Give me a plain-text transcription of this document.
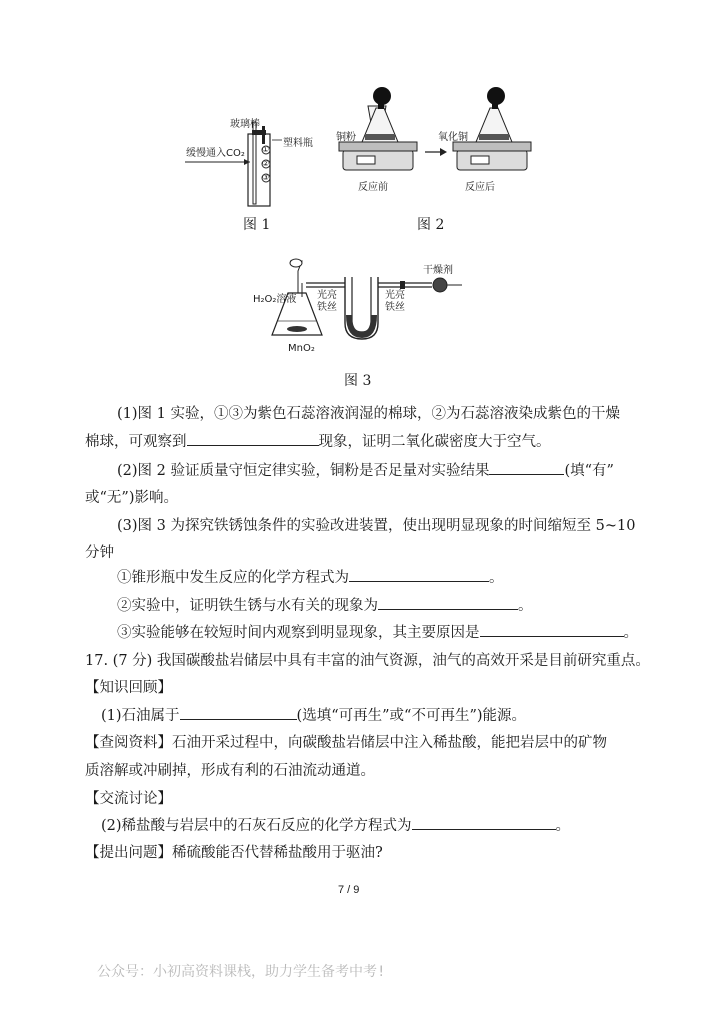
玻璃棒
塑料瓶
缓慢通入CO₂ ①
②
③
图 1
铜粉	氧化铜
反应前	反应后
图 2
H₂O₂溶液
MnO₂
光亮铁丝
光亮铁丝
干燥剂
图 3
(1)图 1 实验，①③为紫色石蕊溶液润湿的棉球，②为石蕊溶液染成紫色的干燥
棉球，可观察到	现象，证明二氧化碳密度大于空气。
(2)图 2 验证质量守恒定律实验，铜粉是否足量对实验结果	(填“有”
或“无”)影响。
(3)图 3 为探究铁锈蚀条件的实验改进装置，使出现明显现象的时间缩短至 5~10
分钟
①锥形瓶中发生反应的化学方程式为	。
②实验中，证明铁生锈与水有关的现象为	。
③实验能够在较短时间内观察到明显现象，其主要原因是	。
17. (7 分) 我国碳酸盐岩储层中具有丰富的油气资源，油气的高效开采是目前研究重点。
【知识回顾】
(1)石油属于	(选填“可再生”或“不可再生”)能源。
【查阅资料】石油开采过程中，向碳酸盐岩储层中注入稀盐酸，能把岩层中的矿物
质溶解或冲刷掉，形成有利的石油流动通道。
【交流讨论】
(2)稀盐酸与岩层中的石灰石反应的化学方程式为	。
【提出问题】稀硫酸能否代替稀盐酸用于驱油?
7 / 9
公众号：小初高资料课栈，助力学生备考中考!
